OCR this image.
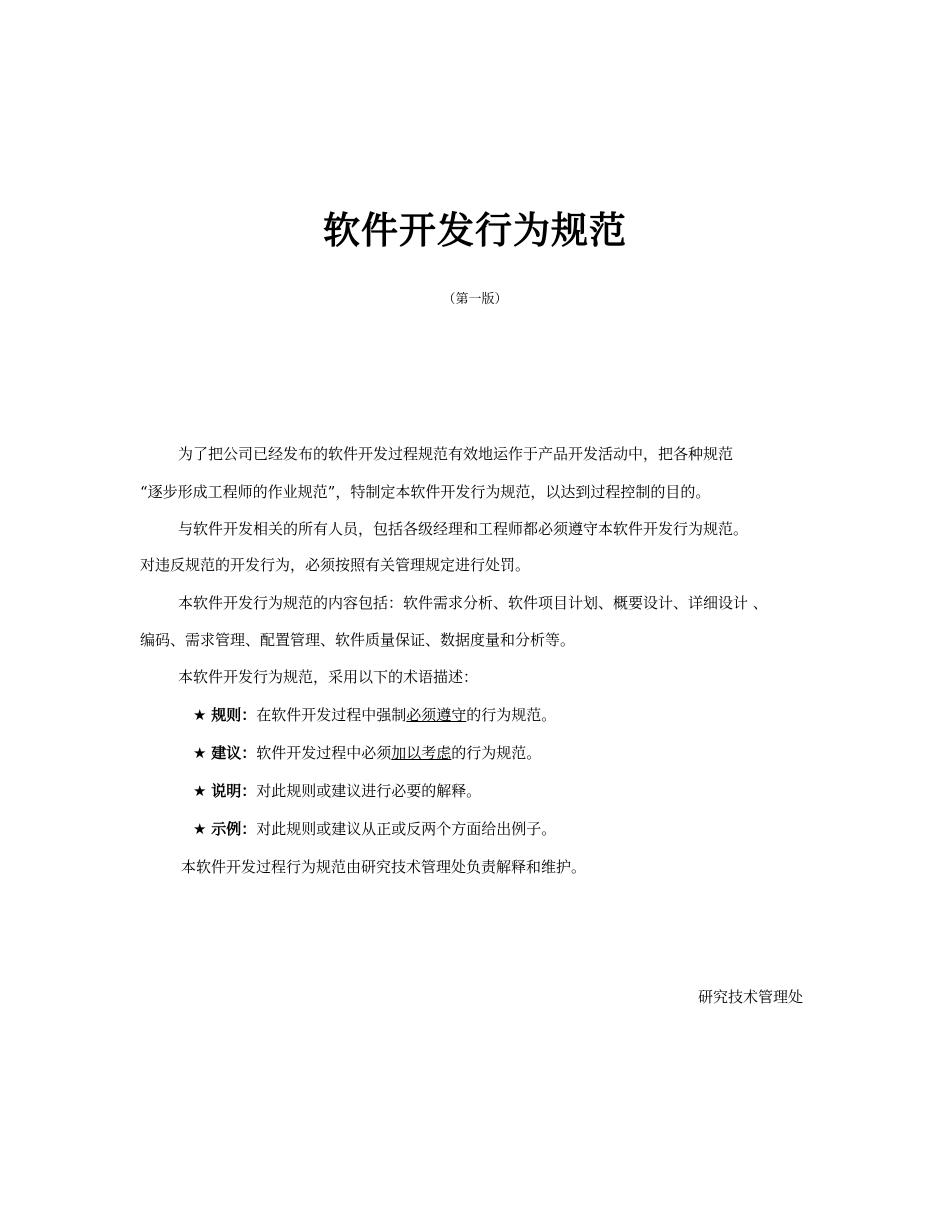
软件开发行为规范
（第一版）
为了把公司已经发布的软件开发过程规范有效地运作于产品开发活动中，把各种规范
“逐步形成工程师的作业规范”，特制定本软件开发行为规范，以达到过程控制的目的。
与软件开发相关的所有人员，包括各级经理和工程师都必须遵守本软件开发行为规范。
对违反规范的开发行为，必须按照有关管理规定进行处罚。
本软件开发行为规范的内容包括：软件需求分析、软件项目计划、概要设计、详细设计 、
编码、需求管理、配置管理、软件质量保证、数据度量和分析等。
本软件开发行为规范，采用以下的术语描述：
★ 规则：在软件开发过程中强制必须遵守的行为规范。
★ 建议：软件开发过程中必须加以考虑的行为规范。
★ 说明：对此规则或建议进行必要的解释。
★ 示例：对此规则或建议从正或反两个方面给出例子。
本软件开发过程行为规范由研究技术管理处负责解释和维护。
研究技术管理处
